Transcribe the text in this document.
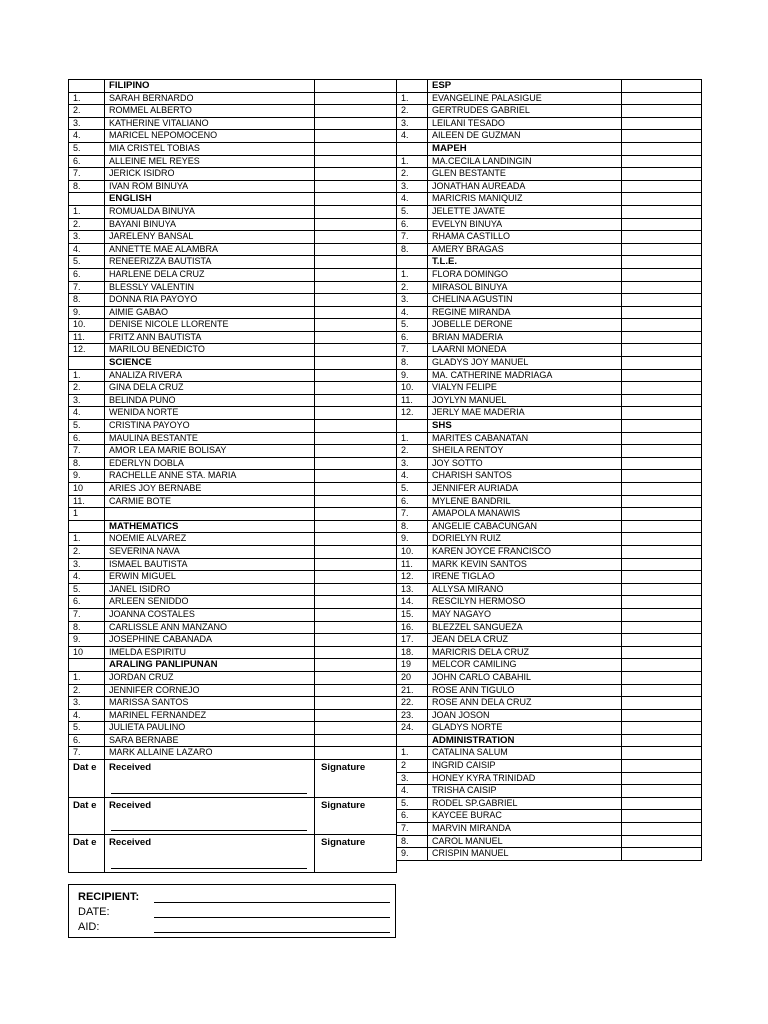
	FILIPINO	
1.	SARAH BERNARDO	
2.	ROMMEL ALBERTO	
3.	KATHERINE VITALIANO	
4.	MARICEL NEPOMOCENO	
5.	MIA CRISTEL TOBIAS	
6.	ALLEINE MEL REYES	
7.	JERICK ISIDRO	
8.	IVAN ROM BINUYA	
	ENGLISH	
1.	ROMUALDA BINUYA	
2.	BAYANI BINUYA	
3.	JARELENY BANSAL	
4.	ANNETTE MAE ALAMBRA	
5.	RENEERIZZA BAUTISTA	
6.	HARLENE DELA CRUZ	
7.	BLESSLY VALENTIN	
8.	DONNA RIA PAYOYO	
9.	AIMIE GABAO	
10.	DENISE NICOLE LLORENTE	
11.	FRITZ ANN BAUTISTA	
12.	MARILOU BENEDICTO	
	SCIENCE	
1.	ANALIZA RIVERA	
2.	GINA DELA CRUZ	
3.	BELINDA PUNO	
4.	WENIDA NORTE	
5.	CRISTINA PAYOYO	
6.	MAULINA BESTANTE	
7.	AMOR LEA MARIE BOLISAY	
8.	EDERLYN DOBLA	
9.	RACHELLE ANNE STA. MARIA	
10	ARIES JOY BERNABE	
11.	CARMIE BOTE	
1		
	MATHEMATICS	
1.	NOEMIE ALVAREZ	
2.	SEVERINA NAVA	
3.	ISMAEL BAUTISTA	
4.	ERWIN MIGUEL	
5.	JANEL ISIDRO	
6.	ARLEEN SENIDDO	
7.	JOANNA COSTALES	
8.	CARLISSLE ANN MANZANO	
9.	JOSEPHINE CABANADA	
10	IMELDA ESPIRITU	
	ARALING PANLIPUNAN	
1.	JORDAN CRUZ	
2.	JENNIFER CORNEJO	
3.	MARISSA SANTOS	
4.	MARINEL FERNANDEZ	
5.	JULIETA PAULINO	
6.	SARA BERNABE	
7.	MARK ALLAINE LAZARO	
Dat e	Received	Signature
Dat e	Received	Signature
Dat e	Received	Signature
	ESP	
1.	EVANGELINE PALASIGUE	
2.	GERTRUDES GABRIEL	
3.	LEILANI TESADO	
4.	AILEEN DE GUZMAN	
	MAPEH	
1.	MA.CECILA LANDINGIN	
2.	GLEN BESTANTE	
3.	JONATHAN AUREADA	
4.	MARICRIS MANIQUIZ	
5.	JELETTE JAVATE	
6.	EVELYN BINUYA	
7.	RHAMA CASTILLO	
8.	AMERY BRAGAS	
	T.L.E.	
1.	FLORA DOMINGO	
2.	MIRASOL BINUYA	
3.	CHELINA AGUSTIN	
4.	REGINE MIRANDA	
5.	JOBELLE DERONE	
6.	BRIAN MADERIA	
7.	LAARNI MONEDA	
8.	GLADYS JOY MANUEL	
9.	MA. CATHERINE MADRIAGA	
10.	VIALYN FELIPE	
11.	JOYLYN MANUEL	
12.	JERLY MAE MADERIA	
	SHS	
1.	MARITES CABANATAN	
2.	SHEILA RENTOY	
3.	JOY SOTTO	
4.	CHARISH SANTOS	
5.	JENNIFER AURIADA	
6.	MYLENE BANDRIL	
7.	AMAPOLA MANAWIS	
8.	ANGELIE CABACUNGAN	
9.	DORIELYN RUIZ	
10.	KAREN JOYCE FRANCISCO	
11.	MARK KEVIN SANTOS	
12.	IRENE TIGLAO	
13.	ALLYSA MIRANO	
14.	RESCILYN HERMOSO	
15.	MAY NAGAYO	
16.	BLEZZEL SANGUEZA	
17.	JEAN DELA CRUZ	
18.	MARICRIS DELA CRUZ	
19	MELCOR CAMILING	
20	JOHN CARLO CABAHIL	
21.	ROSE ANN TIGULO	
22.	ROSE ANN DELA CRUZ	
23.	JOAN JOSON	
24.	GLADYS NORTE	
	ADMINISTRATION	
1.	CATALINA SALUM	
2	INGRID CAISIP	
3.	HONEY KYRA TRINIDAD	
4.	TRISHA CAISIP	
5.	RODEL SP.GABRIEL	
6.	KAYCEE BURAC	
7.	MARVIN MIRANDA	
8.	CAROL MANUEL	
9.	CRISPIN MANUEL	
RECIPIENT:
DATE:
AID:
